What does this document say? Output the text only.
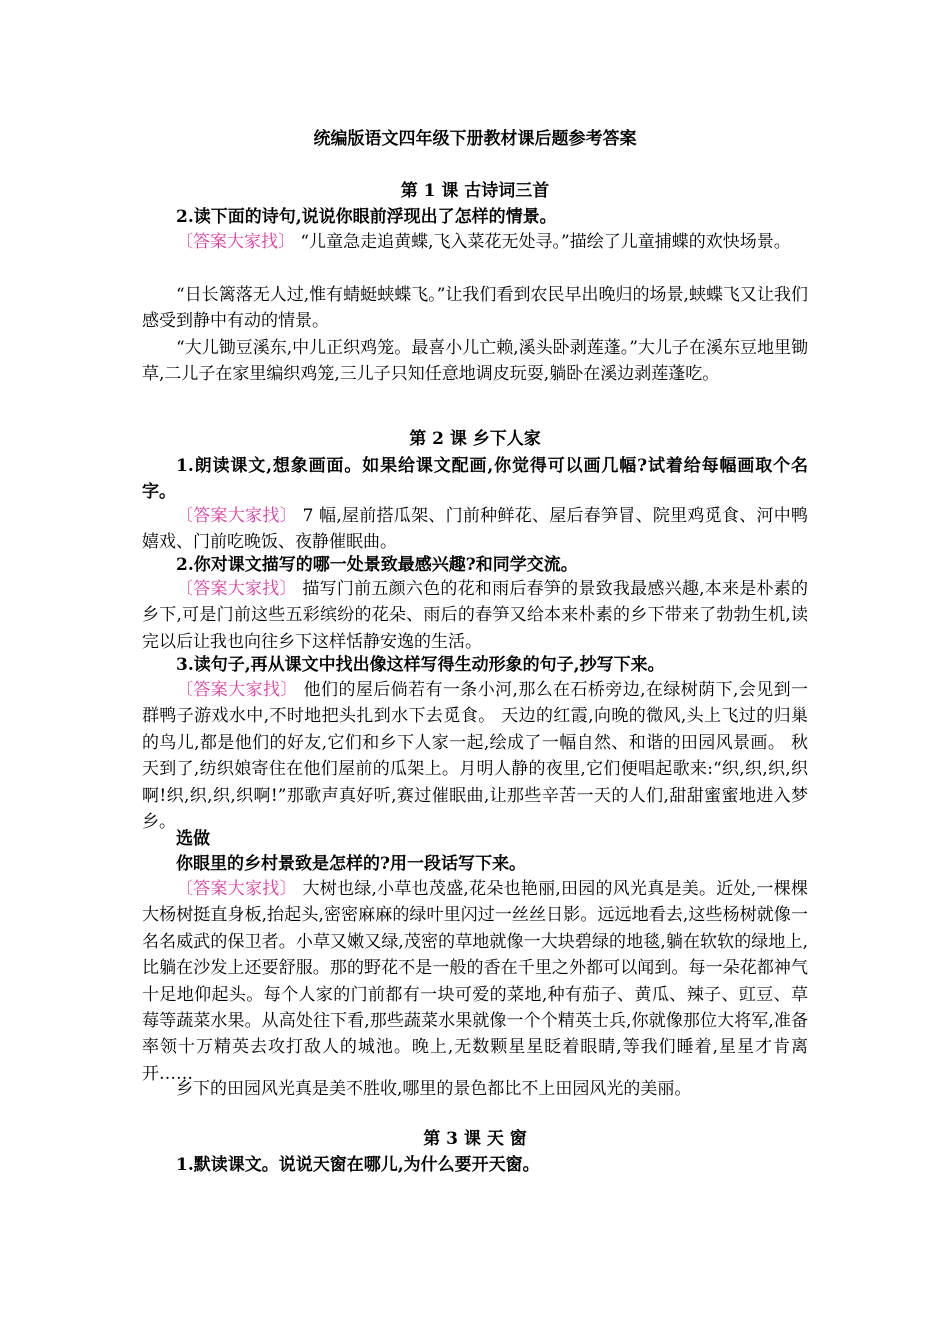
统编版语文四年级下册教材课后题参考答案
第 1 课 古诗词三首

2.读下面的诗句,说说你眼前浮现出了怎样的情景。

〔答案大家找〕 “儿童急走追黄蝶,飞入菜花无处寻。”描绘了儿童捕蝶的欢快场景。

“日长篱落无人过,惟有蜻蜓蛱蝶飞。”让我们看到农民早出晚归的场景,蛱蝶飞又让我们感受到静中有动的情景。

“大儿锄豆溪东,中儿正织鸡笼。最喜小儿亡赖,溪头卧剥莲蓬。”大儿子在溪东豆地里锄草,二儿子在家里编织鸡笼,三儿子只知任意地调皮玩耍,躺卧在溪边剥莲蓬吃。

第 2 课 乡下人家

1.朗读课文,想象画面。如果给课文配画,你觉得可以画几幅?试着给每幅画取个名字。

〔答案大家找〕 7 幅,屋前搭瓜架、门前种鲜花、屋后春笋冒、院里鸡觅食、河中鸭嬉戏、门前吃晚饭、夜静催眠曲。

2.你对课文描写的哪一处景致最感兴趣?和同学交流。

〔答案大家找〕 描写门前五颜六色的花和雨后春笋的景致我最感兴趣,本来是朴素的乡下,可是门前这些五彩缤纷的花朵、雨后的春笋又给本来朴素的乡下带来了勃勃生机,读完以后让我也向往乡下这样恬静安逸的生活。

3.读句子,再从课文中找出像这样写得生动形象的句子,抄写下来。

〔答案大家找〕 他们的屋后倘若有一条小河,那么在石桥旁边,在绿树荫下,会见到一群鸭子游戏水中,不时地把头扎到水下去觅食。 天边的红霞,向晚的微风,头上飞过的归巢的鸟儿,都是他们的好友,它们和乡下人家一起,绘成了一幅自然、和谐的田园风景画。 秋天到了,纺织娘寄住在他们屋前的瓜架上。月明人静的夜里,它们便唱起歌来:“织,织,织,织啊!织,织,织,织啊!”那歌声真好听,赛过催眠曲,让那些辛苦一天的人们,甜甜蜜蜜地进入梦乡。

选做

你眼里的乡村景致是怎样的?用一段话写下来。

〔答案大家找〕 大树也绿,小草也茂盛,花朵也艳丽,田园的风光真是美。近处,一棵棵大杨树挺直身板,抬起头,密密麻麻的绿叶里闪过一丝丝日影。远远地看去,这些杨树就像一名名威武的保卫者。小草又嫩又绿,茂密的草地就像一大块碧绿的地毯,躺在软软的绿地上,比躺在沙发上还要舒服。那的野花不是一般的香在千里之外都可以闻到。每一朵花都神气十足地仰起头。每个人家的门前都有一块可爱的菜地,种有茄子、黄瓜、辣子、豇豆、草莓等蔬菜水果。从高处往下看,那些蔬菜水果就像一个个精英士兵,你就像那位大将军,准备率领十万精英去攻打敌人的城池。晚上,无数颗星星眨着眼睛,等我们睡着,星星才肯离开……

乡下的田园风光真是美不胜收,哪里的景色都比不上田园风光的美丽。

第 3 课 天 窗

1.默读课文。说说天窗在哪儿,为什么要开天窗。
